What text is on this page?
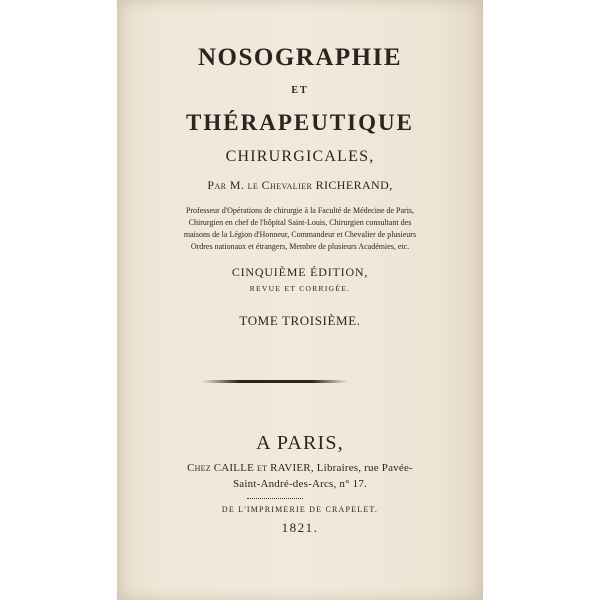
NOSOGRAPHIE
ET
THÉRAPEUTIQUE
CHIRURGICALES,
Par M. le Chevalier RICHERAND,
Professeur d'Opérations de chirurgie à la Faculté de Médecine de Paris,
Chirurgien en chef de l'hôpital Saint-Louis, Chirurgien consultant des
maisons de la Légion d'Honneur, Commandeur et Chevalier de plusieurs
Ordres nationaux et étrangers, Membre de plusieurs Académies, etc.
CINQUIÈME ÉDITION,
REVUE ET CORRIGÉE.
TOME TROISIÈME.
A PARIS,
Chez CAILLE et RAVIER, Libraires, rue Pavée-
Saint-André-des-Arcs, n° 17.
DE L'IMPRIMERIE DE CRAPELET.
1821.
